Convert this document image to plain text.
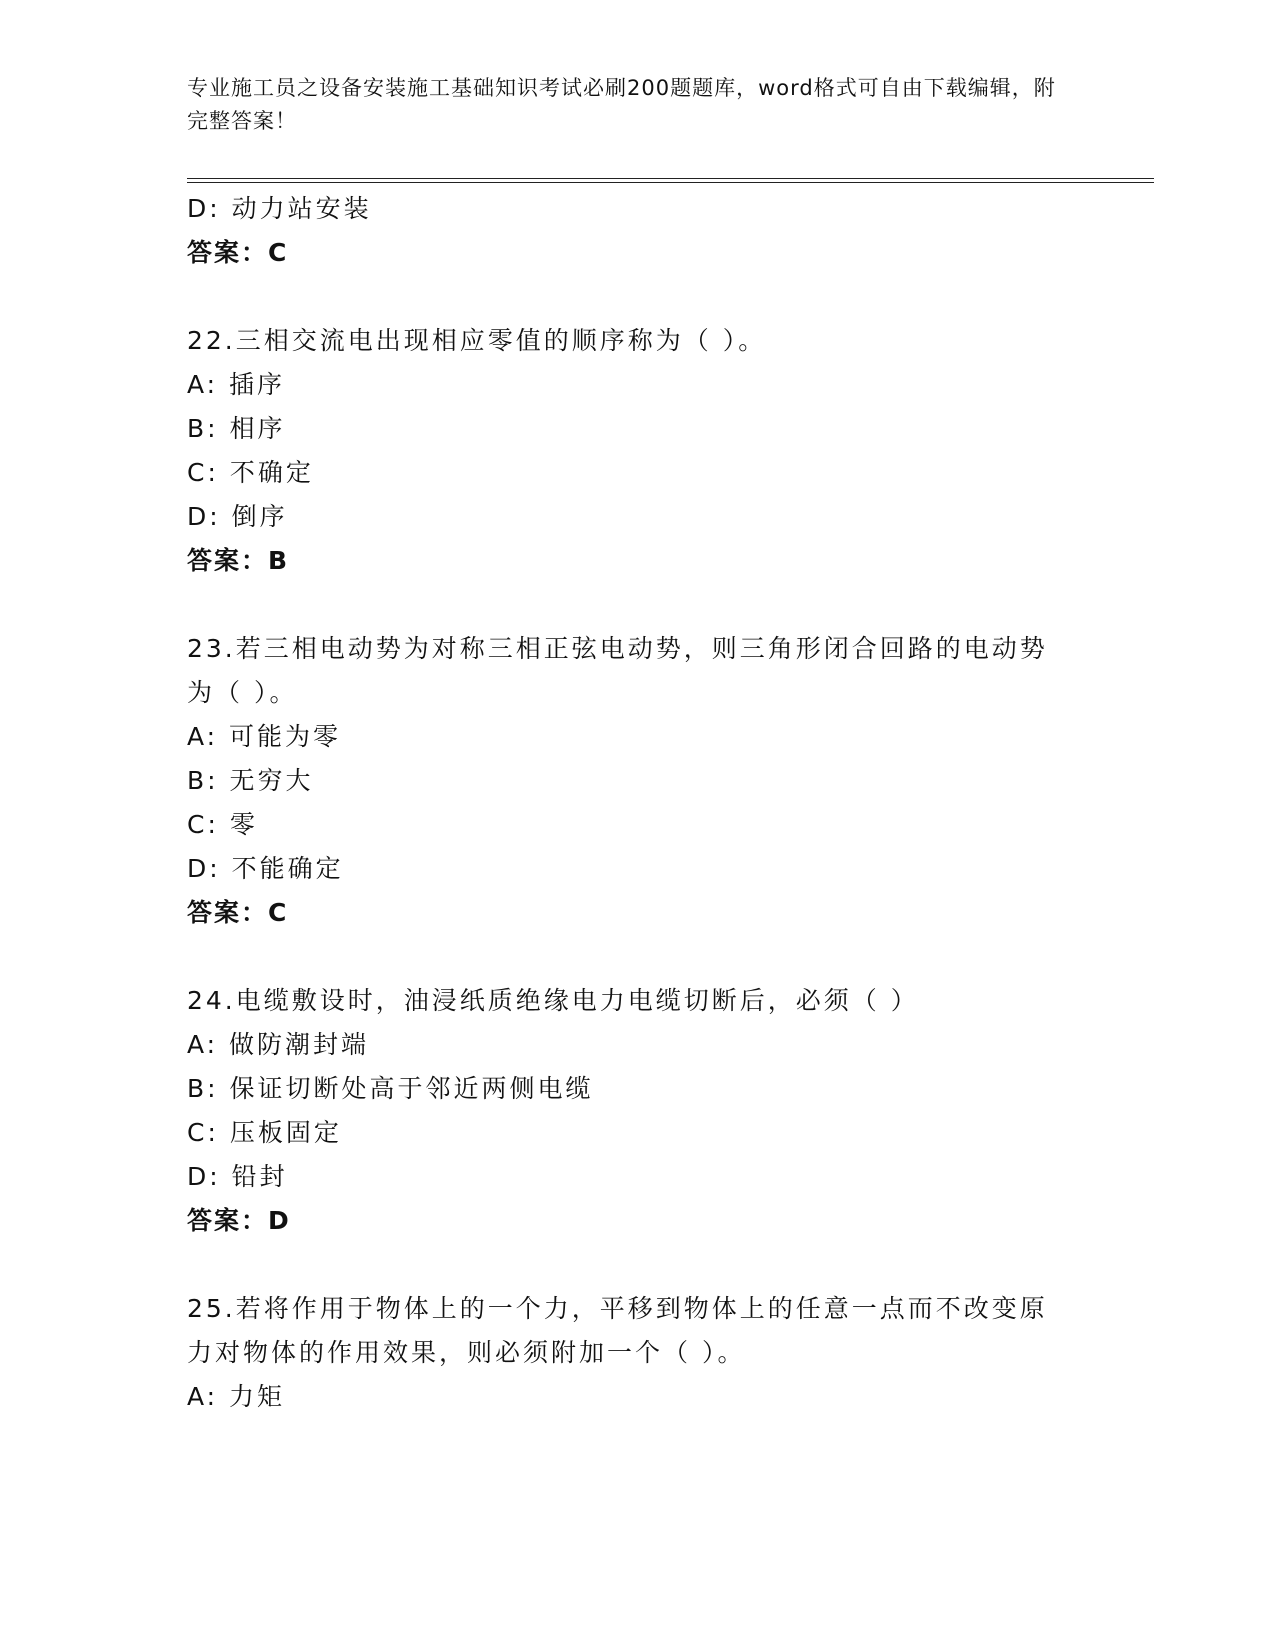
专业施工员之设备安装施工基础知识考试必刷200题题库，word格式可自由下载编辑，附完整答案！
D: 动力站安装
答案：C
22.三相交流电出现相应零值的顺序称为（ ）。
A: 插序
B: 相序
C: 不确定
D: 倒序
答案：B
23.若三相电动势为对称三相正弦电动势，则三角形闭合回路的电动势
为（ ）。
A: 可能为零
B: 无穷大
C: 零
D: 不能确定
答案：C
24.电缆敷设时，油浸纸质绝缘电力电缆切断后，必须（ ）
A: 做防潮封端
B: 保证切断处高于邻近两侧电缆
C: 压板固定
D: 铅封
答案：D
25.若将作用于物体上的一个力，平移到物体上的任意一点而不改变原
力对物体的作用效果，则必须附加一个（ ）。
A: 力矩
